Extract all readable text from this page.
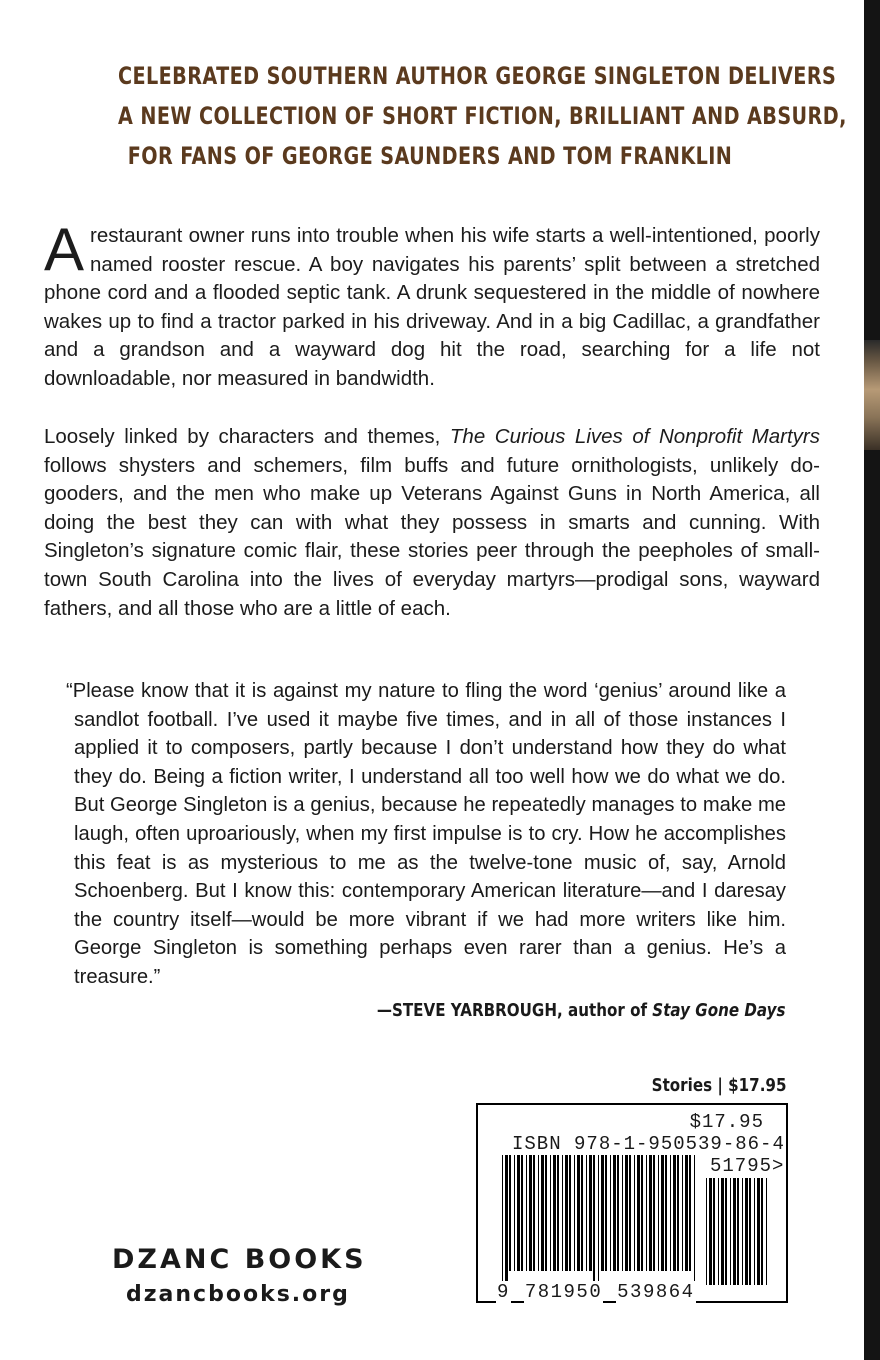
CELEBRATED SOUTHERN AUTHOR GEORGE SINGLETON DELIVERS
A NEW COLLECTION OF SHORT FICTION, BRILLIANT AND ABSURD,
FOR FANS OF GEORGE SAUNDERS AND TOM FRANKLIN

Arestaurant owner runs into trouble when his wife starts a well-intentioned, poorly named rooster rescue. A boy navigates his parents’ split between a stretched phone cord and a flooded septic tank. A drunk sequestered in the middle of nowhere wakes up to find a tractor parked in his driveway. And in a big Cadillac, a grandfather and a grandson and a wayward dog hit the road, searching for a life not downloadable, nor measured in bandwidth.

Loosely linked by characters and themes, The Curious Lives of Nonprofit Martyrs follows shysters and schemers, film buffs and future ornithologists, unlikely do-gooders, and the men who make up Veterans Against Guns in North America, all doing the best they can with what they possess in smarts and cunning. With Singleton’s signature comic flair, these stories peer through the peepholes of small-town South Carolina into the lives of everyday martyrs—prodigal sons, wayward fathers, and all those who are a little of each.

“Please know that it is against my nature to fling the word ‘genius’ around like a sandlot football. I’ve used it maybe five times, and in all of those instances I applied it to composers, partly because I don’t understand how they do what they do. Being a fiction writer, I understand all too well how we do what we do. But George Singleton is a genius, because he repeatedly manages to make me laugh, often uproariously, when my first impulse is to cry. How he accomplishes this feat is as mysterious to me as the twelve-tone music of, say, Arnold Schoenberg. But I know this: contemporary American literature—and I daresay the country itself—would be more vibrant if we had more writers like him. George Singleton is something perhaps even rarer than a genius. He’s a treasure.”

—STEVE YARBROUGH, author of Stay Gone Days
Stories | $17.95
$17.95
ISBN 978-1-950539-86-4
51795>
9 781950 539864
DZANC BOOKS
dzancbooks.org
